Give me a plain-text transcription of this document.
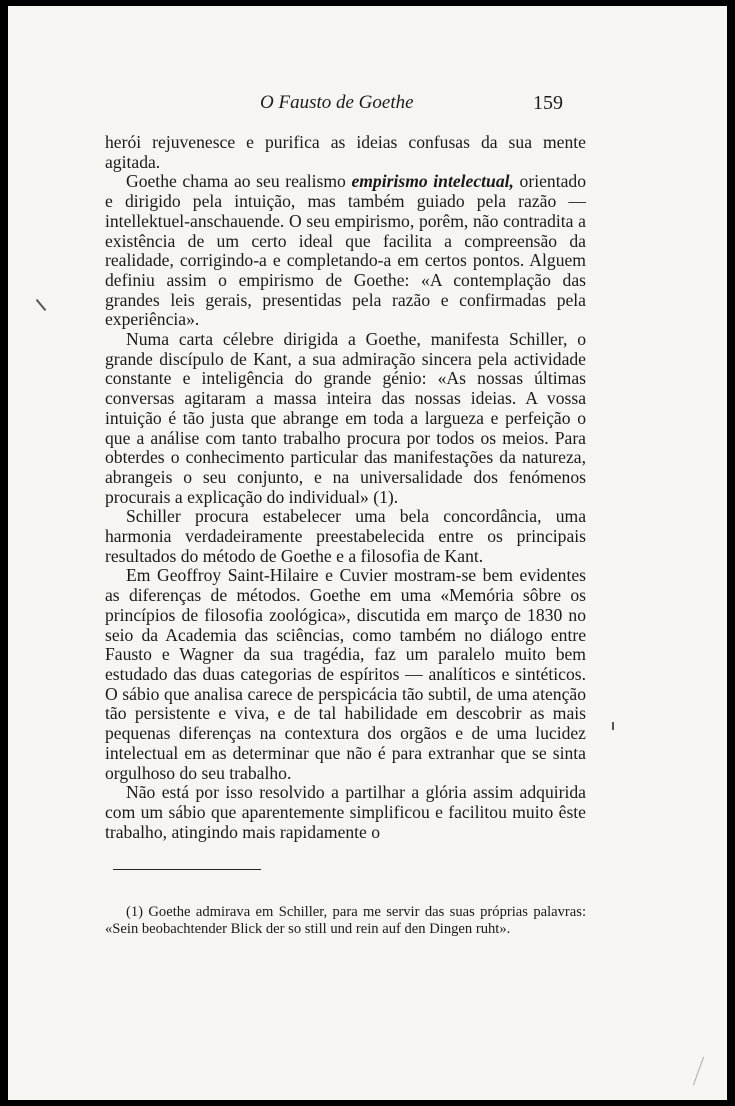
O Fausto de Goethe	159

herói rejuvenesce e purifica as ideias confusas da sua mente agitada.

Goethe chama ao seu realismo empirismo intelectual, orientado e dirigido pela intuição, mas também guiado pela razão — intellektuel-anschauende. O seu empirismo, porêm, não contradita a existência de um certo ideal que facilita a compreensão da realidade, corrigindo-a e completando-a em certos pontos. Alguem definiu assim o empirismo de Goethe: «A contemplação das grandes leis gerais, presentidas pela razão e confirmadas pela experiência».

Numa carta célebre dirigida a Goethe, manifesta Schiller, o grande discípulo de Kant, a sua admiração sincera pela actividade constante e inteligência do grande génio: «As nossas últimas conversas agitaram a massa inteira das nossas ideias. A vossa intuição é tão justa que abrange em toda a largueza e perfeição o que a análise com tanto trabalho procura por todos os meios. Para obterdes o conhecimento particular das manifestações da natureza, abrangeis o seu conjunto, e na universalidade dos fenómenos procurais a explicação do individual» (1).

Schiller procura estabelecer uma bela concordância, uma harmonia verdadeiramente preestabelecida entre os principais resultados do método de Goethe e a filosofia de Kant.

Em Geoffroy Saint-Hilaire e Cuvier mostram-se bem evidentes as diferenças de métodos. Goethe em uma «Memória sôbre os princípios de filosofia zoológica», discutida em março de 1830 no seio da Academia das sciências, como também no diálogo entre Fausto e Wagner da sua tragédia, faz um paralelo muito bem estudado das duas categorias de espíritos — analíticos e sintéticos. O sábio que analisa carece de perspicácia tão subtil, de uma atenção tão persistente e viva, e de tal habilidade em descobrir as mais pequenas diferenças na contextura dos orgãos e de uma lucidez intelectual em as determinar que não é para extranhar que se sinta orgulhoso do seu trabalho.

Não está por isso resolvido a partilhar a glória assim adquirida com um sábio que aparentemente simplificou e facilitou muito êste trabalho, atingindo mais rapidamente o

(1) Goethe admirava em Schiller, para me servir das suas próprias palavras: «Sein beobachtender Blick der so still und rein auf den Dingen ruht».
